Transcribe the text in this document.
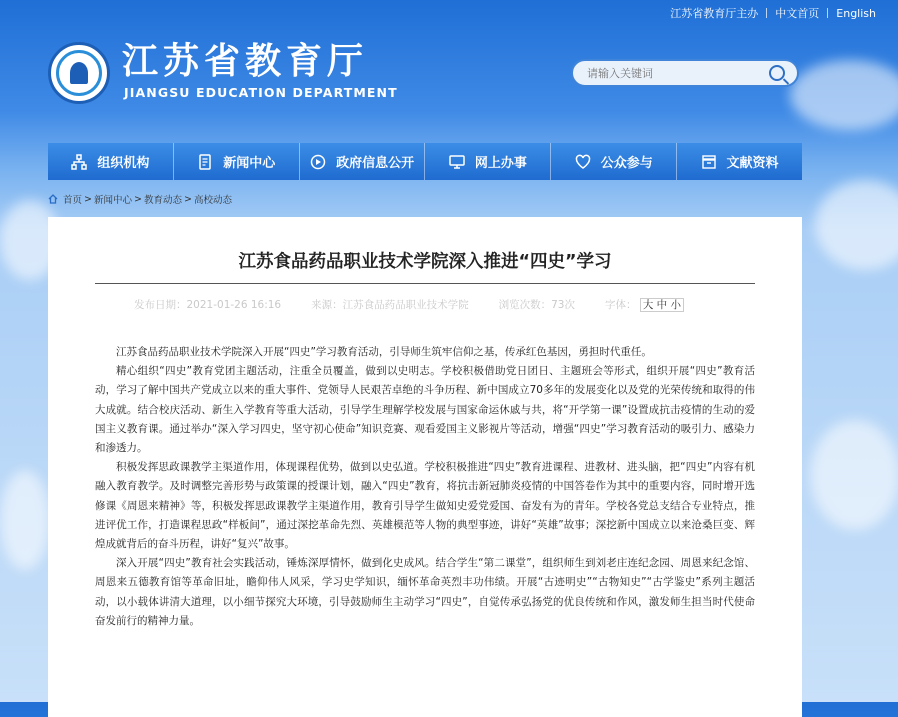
江苏省教育厅主办	中文首页	English
江苏省教育厅
JIANGSU EDUCATION DEPARTMENT
请输入关键词
组织机构	新闻中心	政府信息公开	网上办事	公众参与	文献资料
首页 > 新闻中心 > 教育动态 > 高校动态
江苏食品药品职业技术学院深入推进“四史”学习
发布日期：2021-01-26 16:16	来源：江苏食品药品职业技术学院	浏览次数：73次	字体： 大 中 小

江苏食品药品职业技术学院深入开展“四史”学习教育活动，引导师生筑牢信仰之基，传承红色基因，勇担时代重任。

精心组织“四史”教育党团主题活动，注重全员覆盖，做到以史明志。学校积极借助党日团日、主题班会等形式，组织开展“四史”教育活动，学习了解中国共产党成立以来的重大事件、党领导人民艰苦卓绝的斗争历程、新中国成立70多年的发展变化以及党的光荣传统和取得的伟大成就。结合校庆活动、新生入学教育等重大活动，引导学生理解学校发展与国家命运休戚与共，将“开学第一课”设置成抗击疫情的生动的爱国主义教育课。通过举办“深入学习四史，坚守初心使命”知识竞赛、观看爱国主义影视片等活动，增强“四史”学习教育活动的吸引力、感染力和渗透力。

积极发挥思政课教学主渠道作用，体现课程优势，做到以史弘道。学校积极推进“四史”教育进课程、进教材、进头脑，把“四史”内容有机融入教育教学。及时调整完善形势与政策课的授课计划，融入“四史”教育，将抗击新冠肺炎疫情的中国答卷作为其中的重要内容，同时增开选修课《周恩来精神》等，积极发挥思政课教学主渠道作用，教育引导学生做知史爱党爱国、奋发有为的青年。学校各党总支结合专业特点，推进评优工作，打造课程思政“样板间”，通过深挖革命先烈、英雄模范等人物的典型事迹，讲好“英雄”故事；深挖新中国成立以来沧桑巨变、辉煌成就背后的奋斗历程，讲好“复兴”故事。

深入开展“四史”教育社会实践活动，锤炼深厚情怀，做到化史成风。结合学生“第二课堂”，组织师生到刘老庄连纪念园、周恩来纪念馆、周恩来五德教育馆等革命旧址，瞻仰伟人风采，学习史学知识，缅怀革命英烈丰功伟绩。开展“古迹明史”“古物知史”“古学鉴史”系列主题活动，以小载体讲清大道理，以小细节探究大环境，引导鼓励师生主动学习“四史”，自觉传承弘扬党的优良传统和作风，激发师生担当时代使命奋发前行的精神力量。
